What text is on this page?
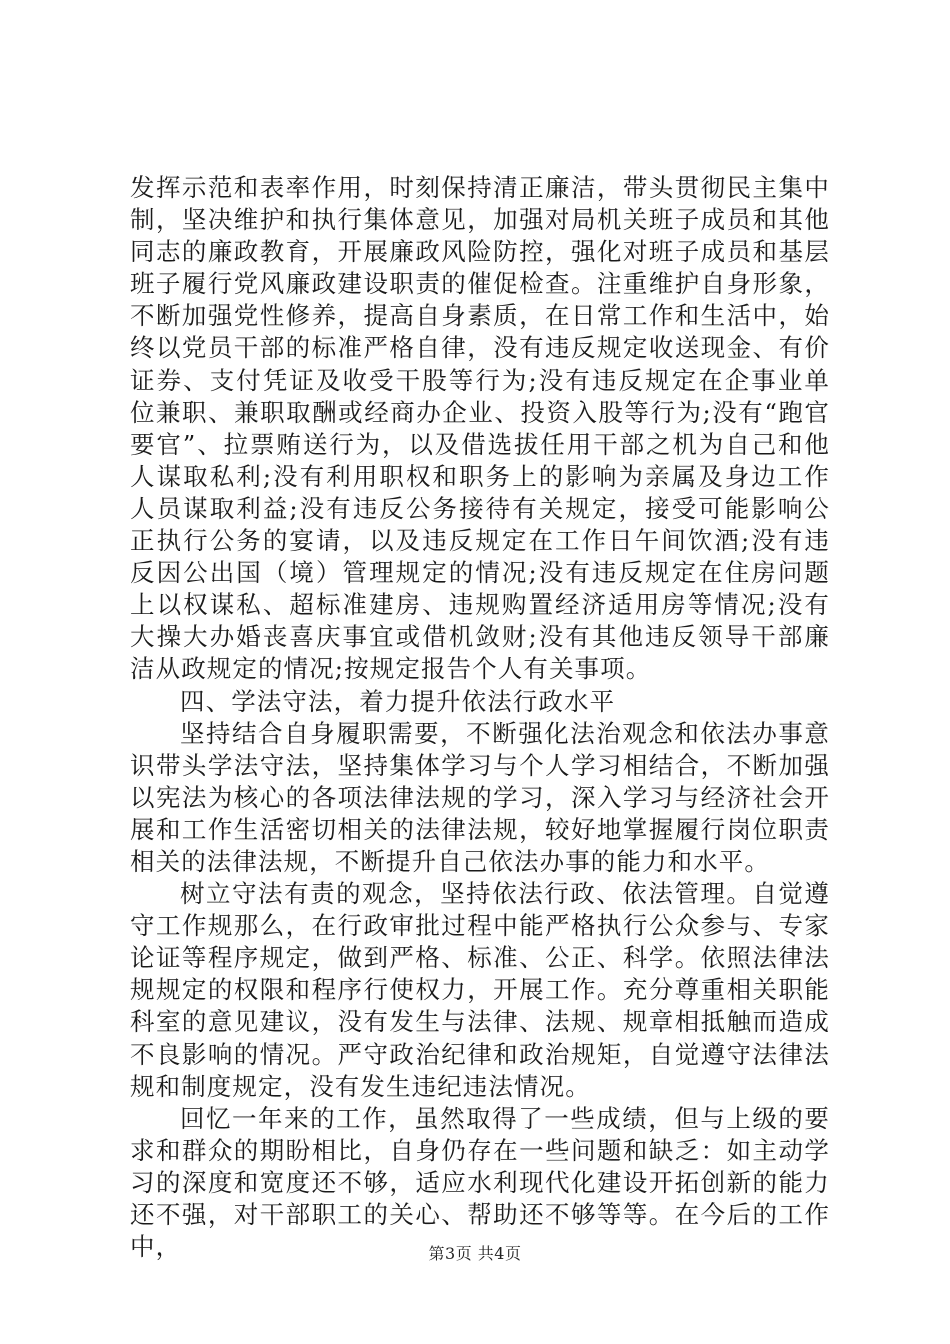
发挥示范和表率作用，时刻保持清正廉洁，带头贯彻民主集中制，坚决维护和执行集体意见，加强对局机关班子成员和其他同志的廉政教育，开展廉政风险防控，强化对班子成员和基层班子履行党风廉政建设职责的催促检查。注重维护自身形象，不断加强党性修养，提高自身素质，在日常工作和生活中，始终以党员干部的标准严格自律，没有违反规定收送现金、有价证券、支付凭证及收受干股等行为;没有违反规定在企事业单位兼职、兼职取酬或经商办企业、投资入股等行为;没有“跑官要官”、拉票贿送行为，以及借选拔任用干部之机为自己和他人谋取私利;没有利用职权和职务上的影响为亲属及身边工作人员谋取利益;没有违反公务接待有关规定，接受可能影响公正执行公务的宴请，以及违反规定在工作日午间饮酒;没有违反因公出国（境）管理规定的情况;没有违反规定在住房问题上以权谋私、超标准建房、违规购置经济适用房等情况;没有大操大办婚丧喜庆事宜或借机敛财;没有其他违反领导干部廉洁从政规定的情况;按规定报告个人有关事项。

四、学法守法，着力提升依法行政水平

坚持结合自身履职需要，不断强化法治观念和依法办事意识带头学法守法，坚持集体学习与个人学习相结合，不断加强以宪法为核心的各项法律法规的学习，深入学习与经济社会开展和工作生活密切相关的法律法规，较好地掌握履行岗位职责相关的法律法规，不断提升自己依法办事的能力和水平。

树立守法有责的观念，坚持依法行政、依法管理。自觉遵守工作规那么，在行政审批过程中能严格执行公众参与、专家论证等程序规定，做到严格、标准、公正、科学。依照法律法规规定的权限和程序行使权力，开展工作。充分尊重相关职能科室的意见建议，没有发生与法律、法规、规章相抵触而造成不良影响的情况。严守政治纪律和政治规矩，自觉遵守法律法规和制度规定，没有发生违纪违法情况。

回忆一年来的工作，虽然取得了一些成绩，但与上级的要求和群众的期盼相比，自身仍存在一些问题和缺乏：如主动学习的深度和宽度还不够，适应水利现代化建设开拓创新的能力还不强，对干部职工的关心、帮助还不够等等。在今后的工作中，	第3页 共4页
